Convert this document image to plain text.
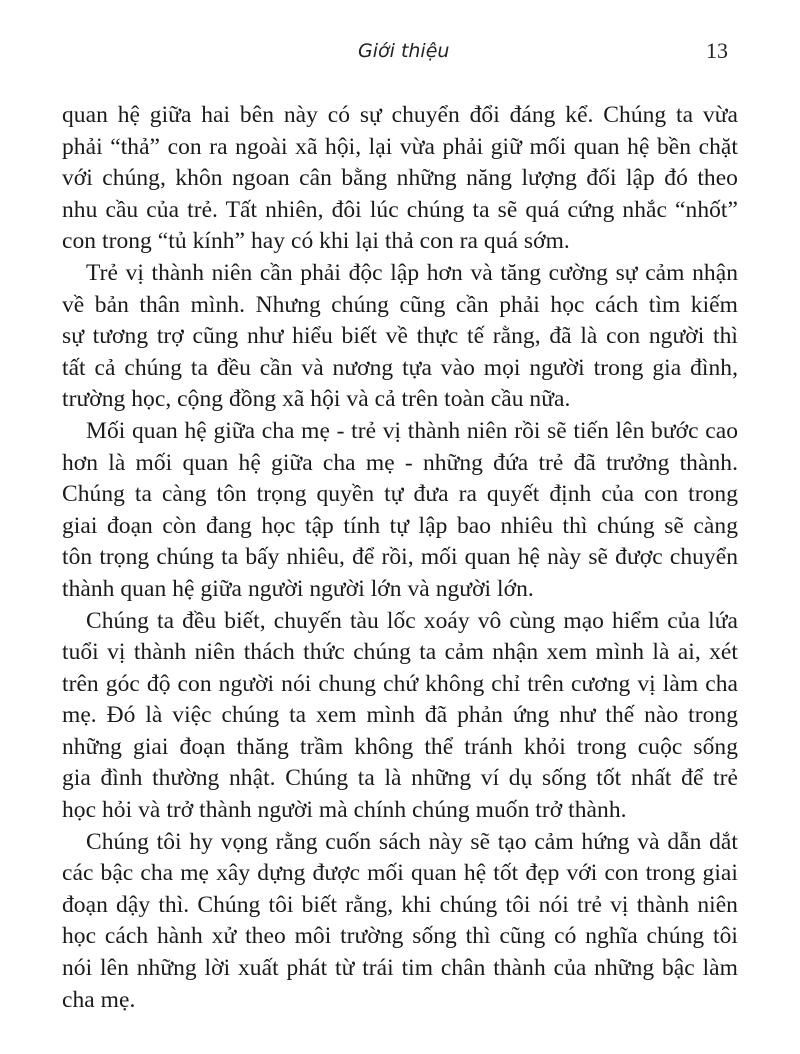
Giới thiệu	13

quan hệ giữa hai bên này có sự chuyển đổi đáng kể. Chúng ta vừa
phải “thả” con ra ngoài xã hội, lại vừa phải giữ mối quan hệ bền chặt
với chúng, khôn ngoan cân bằng những năng lượng đối lập đó theo
nhu cầu của trẻ. Tất nhiên, đôi lúc chúng ta sẽ quá cứng nhắc “nhốt”
con trong “tủ kính” hay có khi lại thả con ra quá sớm.

Trẻ vị thành niên cần phải độc lập hơn và tăng cường sự cảm nhận
về bản thân mình. Nhưng chúng cũng cần phải học cách tìm kiếm
sự tương trợ cũng như hiểu biết về thực tế rằng, đã là con người thì
tất cả chúng ta đều cần và nương tựa vào mọi người trong gia đình,
trường học, cộng đồng xã hội và cả trên toàn cầu nữa.

Mối quan hệ giữa cha mẹ - trẻ vị thành niên rồi sẽ tiến lên bước cao
hơn là mối quan hệ giữa cha mẹ - những đứa trẻ đã trưởng thành.
Chúng ta càng tôn trọng quyền tự đưa ra quyết định của con trong
giai đoạn còn đang học tập tính tự lập bao nhiêu thì chúng sẽ càng
tôn trọng chúng ta bấy nhiêu, để rồi, mối quan hệ này sẽ được chuyển
thành quan hệ giữa người người lớn và người lớn.

Chúng ta đều biết, chuyến tàu lốc xoáy vô cùng mạo hiểm của lứa
tuổi vị thành niên thách thức chúng ta cảm nhận xem mình là ai, xét
trên góc độ con người nói chung chứ không chỉ trên cương vị làm cha
mẹ. Đó là việc chúng ta xem mình đã phản ứng như thế nào trong
những giai đoạn thăng trầm không thể tránh khỏi trong cuộc sống
gia đình thường nhật. Chúng ta là những ví dụ sống tốt nhất để trẻ
học hỏi và trở thành người mà chính chúng muốn trở thành.

Chúng tôi hy vọng rằng cuốn sách này sẽ tạo cảm hứng và dẫn dắt
các bậc cha mẹ xây dựng được mối quan hệ tốt đẹp với con trong giai
đoạn dậy thì. Chúng tôi biết rằng, khi chúng tôi nói trẻ vị thành niên
học cách hành xử theo môi trường sống thì cũng có nghĩa chúng tôi
nói lên những lời xuất phát từ trái tim chân thành của những bậc làm
cha mẹ.
